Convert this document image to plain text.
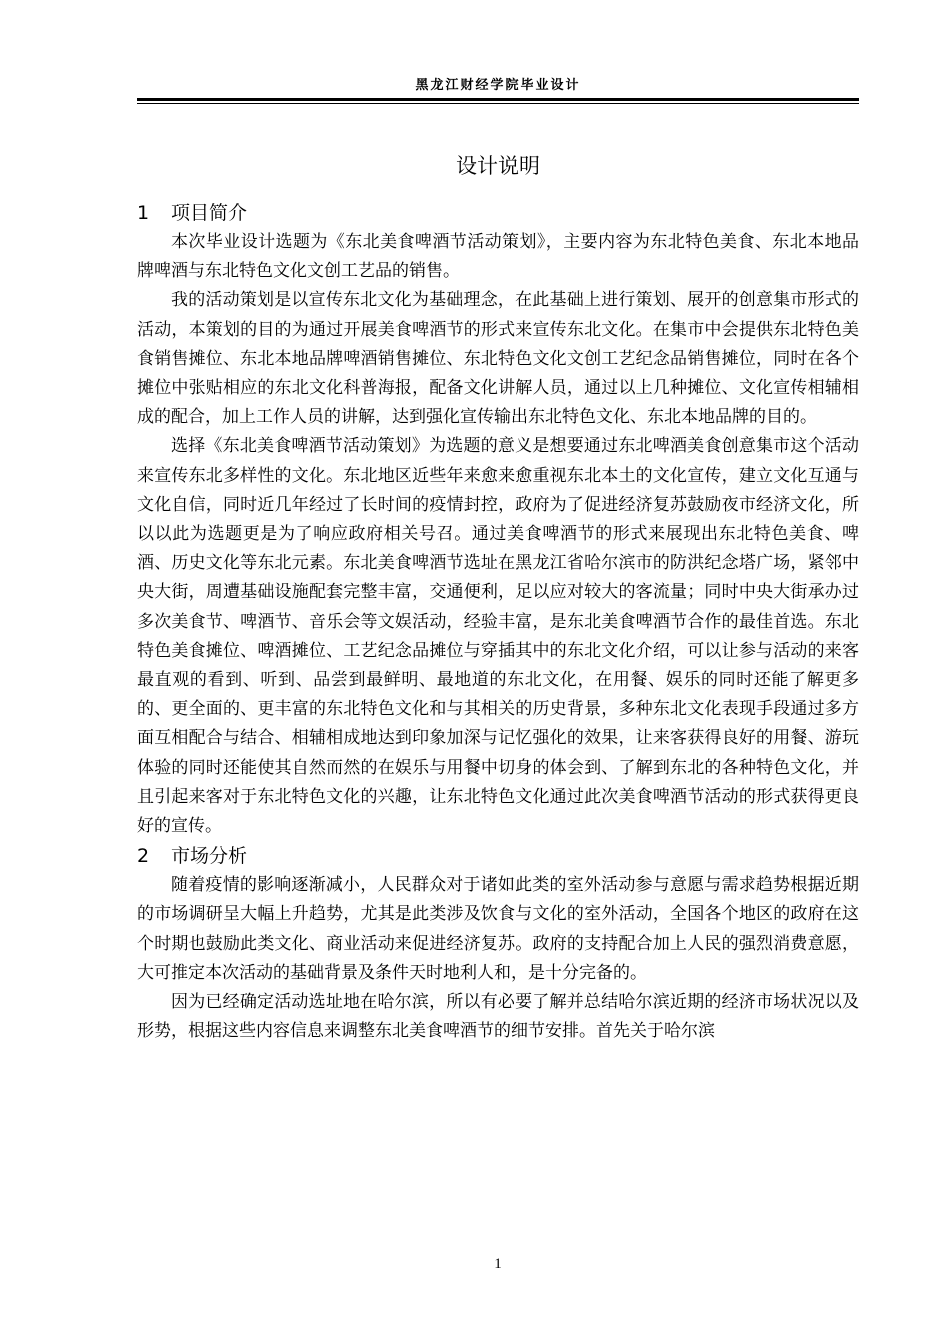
黑龙江财经学院毕业设计
设计说明
1 项目简介

本次毕业设计选题为《东北美食啤酒节活动策划》，主要内容为东北特色美食、东北本地品牌啤酒与东北特色文化文创工艺品的销售。

我的活动策划是以宣传东北文化为基础理念，在此基础上进行策划、展开的创意集市形式的活动，本策划的目的为通过开展美食啤酒节的形式来宣传东北文化。在集市中会提供东北特色美食销售摊位、东北本地品牌啤酒销售摊位、东北特色文化文创工艺纪念品销售摊位，同时在各个摊位中张贴相应的东北文化科普海报，配备文化讲解人员，通过以上几种摊位、文化宣传相辅相成的配合，加上工作人员的讲解，达到强化宣传输出东北特色文化、东北本地品牌的目的。

选择《东北美食啤酒节活动策划》为选题的意义是想要通过东北啤酒美食创意集市这个活动来宣传东北多样性的文化。东北地区近些年来愈来愈重视东北本土的文化宣传，建立文化互通与文化自信，同时近几年经过了长时间的疫情封控，政府为了促进经济复苏鼓励夜市经济文化，所以以此为选题更是为了响应政府相关号召。通过美食啤酒节的形式来展现出东北特色美食、啤酒、历史文化等东北元素。东北美食啤酒节选址在黑龙江省哈尔滨市的防洪纪念塔广场，紧邻中央大街，周遭基础设施配套完整丰富，交通便利，足以应对较大的客流量；同时中央大街承办过多次美食节、啤酒节、音乐会等文娱活动，经验丰富，是东北美食啤酒节合作的最佳首选。东北特色美食摊位、啤酒摊位、工艺纪念品摊位与穿插其中的东北文化介绍，可以让参与活动的来客最直观的看到、听到、品尝到最鲜明、最地道的东北文化，在用餐、娱乐的同时还能了解更多的、更全面的、更丰富的东北特色文化和与其相关的历史背景，多种东北文化表现手段通过多方面互相配合与结合、相辅相成地达到印象加深与记忆强化的效果，让来客获得良好的用餐、游玩体验的同时还能使其自然而然的在娱乐与用餐中切身的体会到、了解到东北的各种特色文化，并且引起来客对于东北特色文化的兴趣，让东北特色文化通过此次美食啤酒节活动的形式获得更良好的宣传。

2 市场分析

随着疫情的影响逐渐减小，人民群众对于诸如此类的室外活动参与意愿与需求趋势根据近期的市场调研呈大幅上升趋势，尤其是此类涉及饮食与文化的室外活动，全国各个地区的政府在这个时期也鼓励此类文化、商业活动来促进经济复苏。政府的支持配合加上人民的强烈消费意愿，大可推定本次活动的基础背景及条件天时地利人和，是十分完备的。

因为已经确定活动选址地在哈尔滨，所以有必要了解并总结哈尔滨近期的经济市场状况以及形势，根据这些内容信息来调整东北美食啤酒节的细节安排。首先关于哈尔滨

1
